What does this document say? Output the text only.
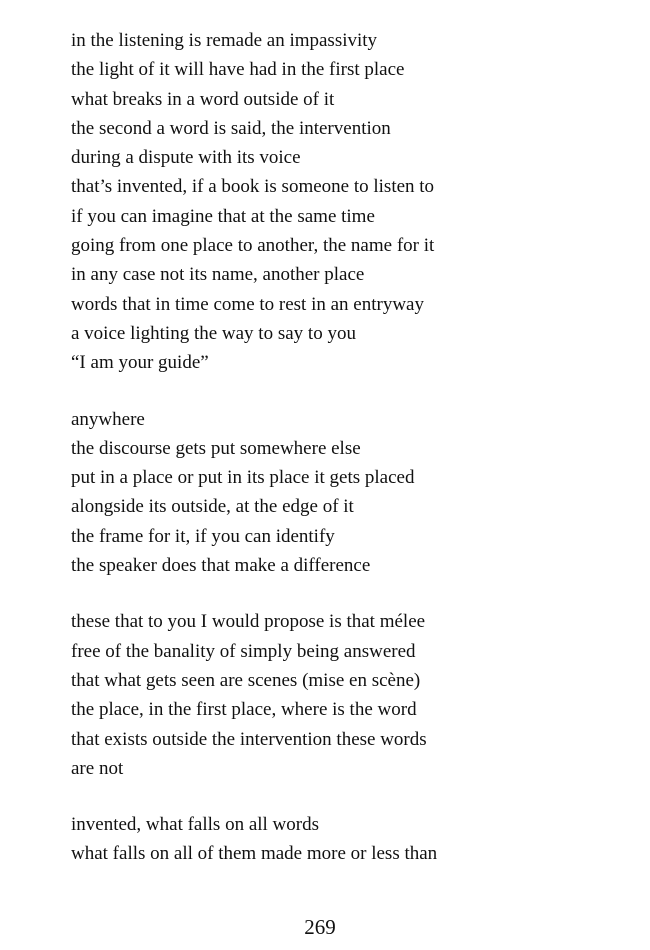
in the listening is remade an impassivity
the light of it will have had in the first place
what breaks in a word outside of it
the second a word is said, the intervention
during a dispute with its voice
that’s invented, if a book is someone to listen to
if you can imagine that at the same time
going from one place to another, the name for it
in any case not its name, another place
words that in time come to rest in an entryway
a voice lighting the way to say to you
“I am your guide”
anywhere
the discourse gets put somewhere else
put in a place or put in its place it gets placed
alongside its outside, at the edge of it
the frame for it, if you can identify
the speaker does that make a difference
these that to you I would propose is that mélee
free of the banality of simply being answered
that what gets seen are scenes (mise en scène)
the place, in the first place, where is the word
that exists outside the intervention these words
are not
invented, what falls on all words
what falls on all of them made more or less than
269
